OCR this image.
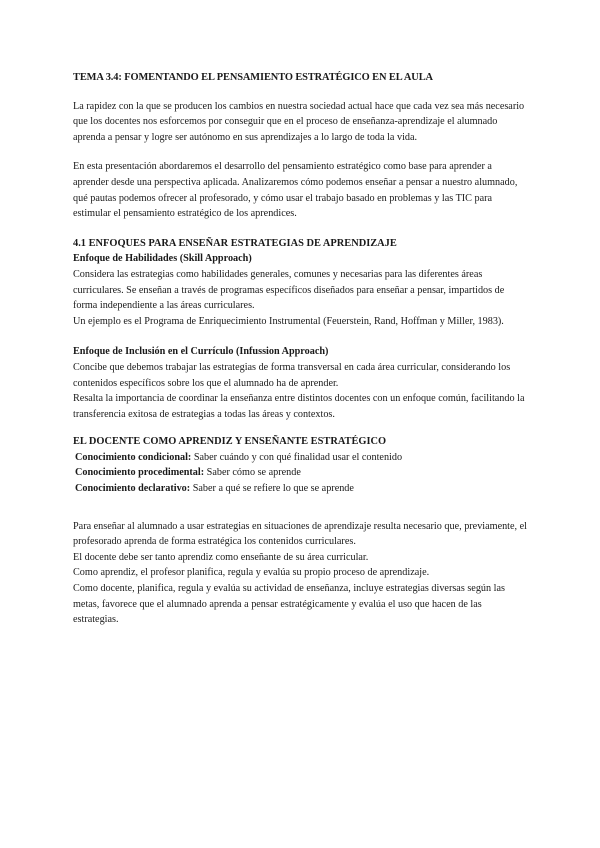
TEMA 3.4: FOMENTANDO EL PENSAMIENTO ESTRATÉGICO EN EL AULA

La rapidez con la que se producen los cambios en nuestra sociedad actual hace que cada vez sea más necesario que los docentes nos esforcemos por conseguir que en el proceso de enseñanza-aprendizaje el alumnado aprenda a pensar y logre ser autónomo en sus aprendizajes a lo largo de toda la vida.

En esta presentación abordaremos el desarrollo del pensamiento estratégico como base para aprender a aprender desde una perspectiva aplicada. Analizaremos cómo podemos enseñar a pensar a nuestro alumnado, qué pautas podemos ofrecer al profesorado, y cómo usar el trabajo basado en problemas y las TIC para estimular el pensamiento estratégico de los aprendices.

4.1 ENFOQUES PARA ENSEÑAR ESTRATEGIAS DE APRENDIZAJE

Enfoque de Habilidades (Skill Approach)

Considera las estrategias como habilidades generales, comunes y necesarias para las diferentes áreas curriculares. Se enseñan a través de programas específicos diseñados para enseñar a pensar, impartidos de forma independiente a las áreas curriculares.

Un ejemplo es el Programa de Enriquecimiento Instrumental (Feuerstein, Rand, Hoffman y Miller, 1983).

Enfoque de Inclusión en el Currículo (Infussion Approach)

Concibe que debemos trabajar las estrategias de forma transversal en cada área curricular, considerando los contenidos específicos sobre los que el alumnado ha de aprender.

Resalta la importancia de coordinar la enseñanza entre distintos docentes con un enfoque común, facilitando la transferencia exitosa de estrategias a todas las áreas y contextos.

EL DOCENTE COMO APRENDIZ Y ENSEÑANTE ESTRATÉGICO

Conocimiento condicional: Saber cuándo y con qué finalidad usar el contenido

Conocimiento procedimental: Saber cómo se aprende

Conocimiento declarativo: Saber a qué se refiere lo que se aprende

Para enseñar al alumnado a usar estrategias en situaciones de aprendizaje resulta necesario que, previamente, el profesorado aprenda de forma estratégica los contenidos curriculares.

El docente debe ser tanto aprendiz como enseñante de su área curricular.

Como aprendiz, el profesor planifica, regula y evalúa su propio proceso de aprendizaje.

Como docente, planifica, regula y evalúa su actividad de enseñanza, incluye estrategias diversas según las metas, favorece que el alumnado aprenda a pensar estratégicamente y evalúa el uso que hacen de las estrategias.
